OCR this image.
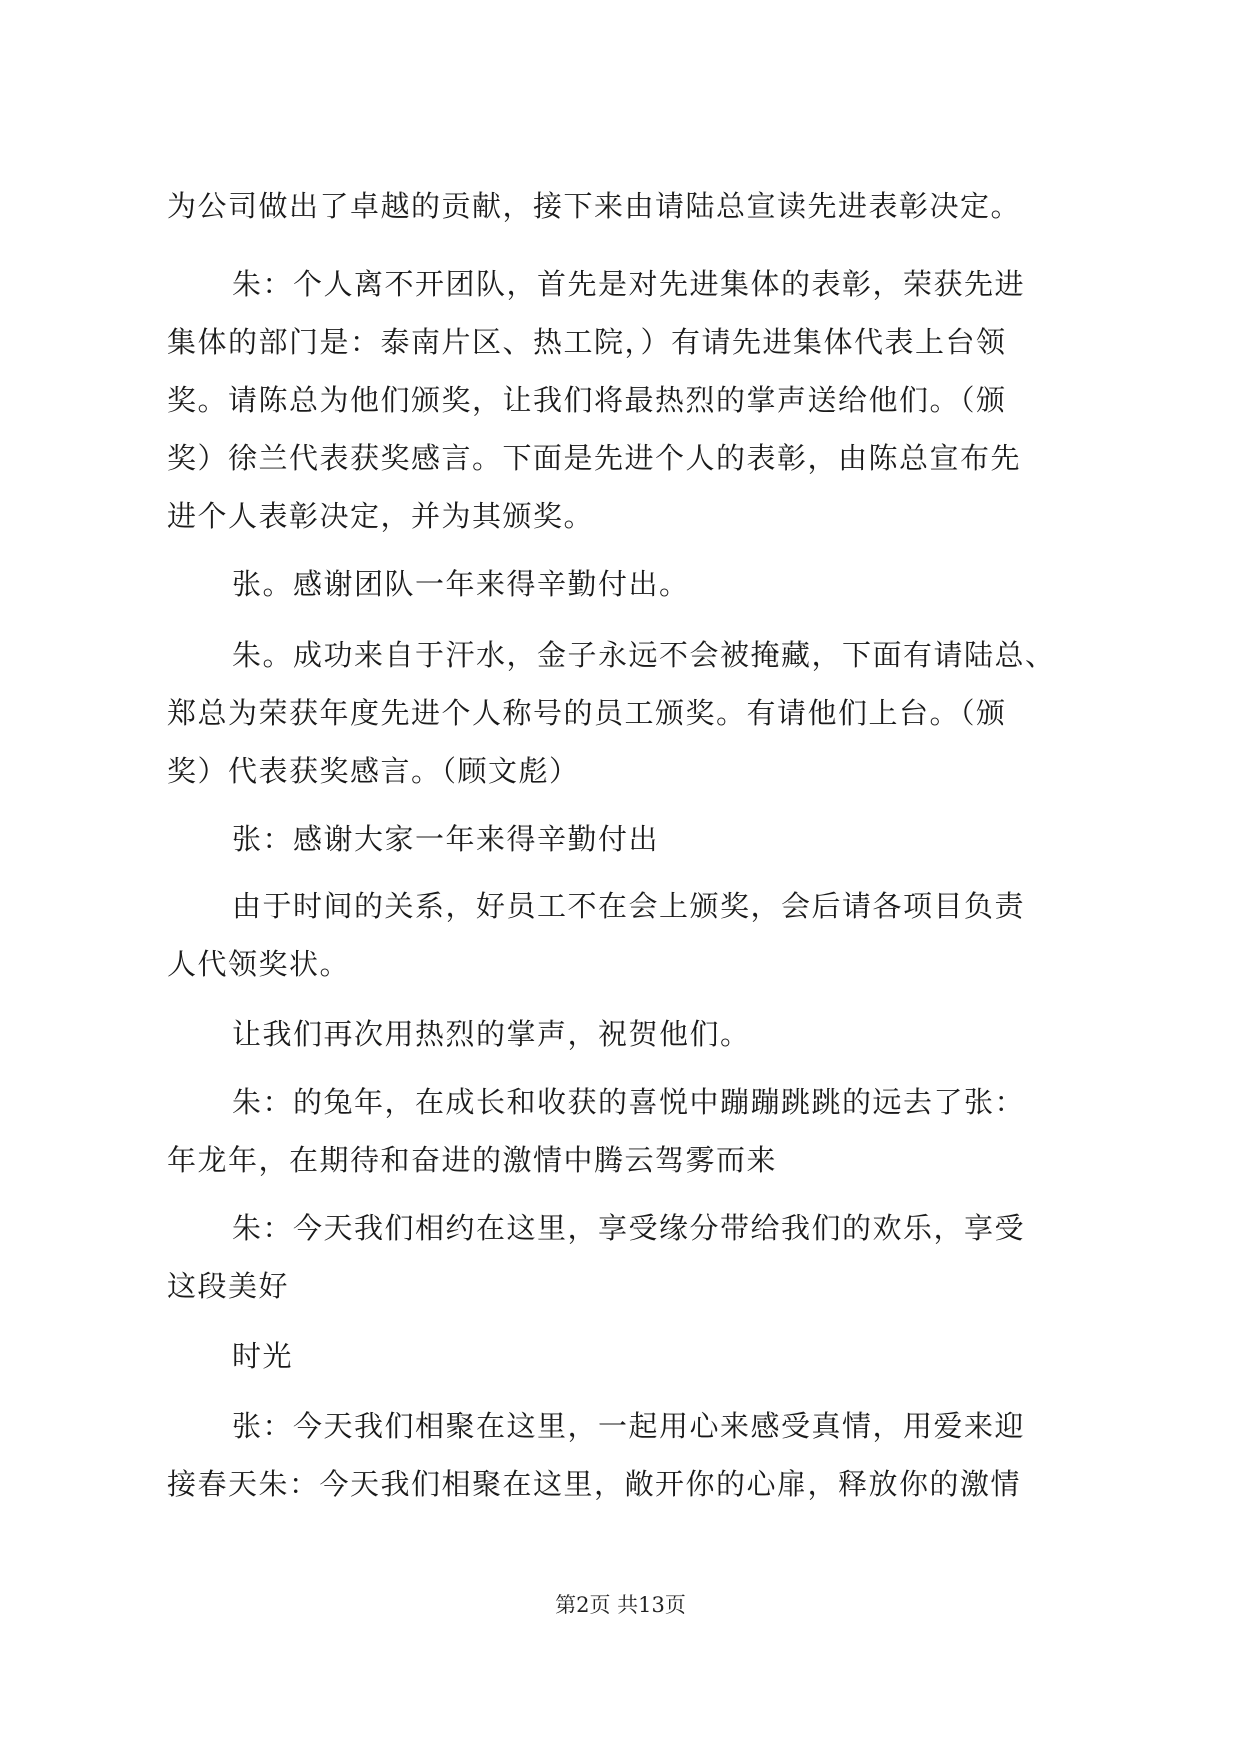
为公司做出了卓越的贡献，接下来由请陆总宣读先进表彰决定。
朱：个人离不开团队，首先是对先进集体的表彰，荣获先进
集体的部门是：泰南片区、热工院，）有请先进集体代表上台领
奖。请陈总为他们颁奖，让我们将最热烈的掌声送给他们。（颁
奖）徐兰代表获奖感言。下面是先进个人的表彰，由陈总宣布先
进个人表彰决定，并为其颁奖。
张。感谢团队一年来得辛勤付出。
朱。成功来自于汗水，金子永远不会被掩藏，下面有请陆总、
郑总为荣获年度先进个人称号的员工颁奖。有请他们上台。（颁
奖）代表获奖感言。（顾文彪）
张：感谢大家一年来得辛勤付出
由于时间的关系，好员工不在会上颁奖，会后请各项目负责
人代领奖状。
让我们再次用热烈的掌声，祝贺他们。
朱：的兔年，在成长和收获的喜悦中蹦蹦跳跳的远去了张：
年龙年，在期待和奋进的激情中腾云驾雾而来
朱：今天我们相约在这里，享受缘分带给我们的欢乐，享受
这段美好
时光
张：今天我们相聚在这里，一起用心来感受真情，用爱来迎
接春天朱：今天我们相聚在这里，敞开你的心扉，释放你的激情
第2页 共13页
